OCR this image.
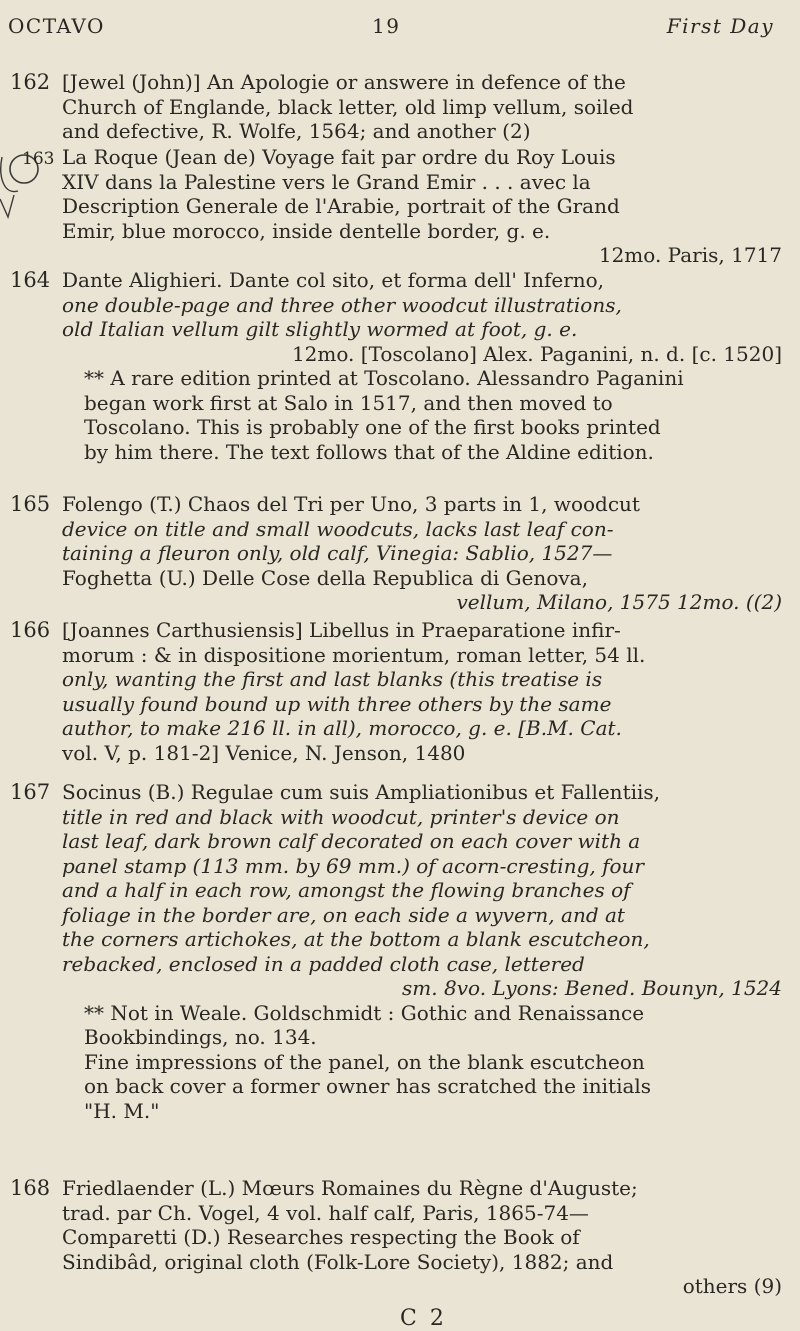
OCTAVO	19	First Day
162 [Jewel (John)] An Apologie or answere in defence of the
Church of Englande, black letter, old limp vellum, soiled
and defective, R. Wolfe, 1564; and another (2)

163 La Roque (Jean de) Voyage fait par ordre du Roy Louis
XIV dans la Palestine vers le Grand Emir . . . avec la
Description Generale de l'Arabie, portrait of the Grand
Emir, blue morocco, inside dentelle border, g. e.

12mo. Paris, 1717

164 Dante Alighieri. Dante col sito, et forma dell' Inferno,
one double-page and three other woodcut illustrations,
old Italian vellum gilt slightly wormed at foot, g. e.

12mo. [Toscolano] Alex. Paganini, n. d. [c. 1520]

** A rare edition printed at Toscolano. Alessandro Paganini
began work first at Salo in 1517, and then moved to
Toscolano. This is probably one of the first books printed
by him there. The text follows that of the Aldine edition.

165 Folengo (T.) Chaos del Tri per Uno, 3 parts in 1, woodcut
device on title and small woodcuts, lacks last leaf con-
taining a fleuron only, old calf, Vinegia: Sablio, 1527—
Foghetta (U.) Delle Cose della Republica di Genova,

vellum, Milano, 1575 12mo. ((2)

166 [Joannes Carthusiensis] Libellus in Praeparatione infir-
morum : & in dispositione morientum, roman letter, 54 ll.
only, wanting the first and last blanks (this treatise is
usually found bound up with three others by the same
author, to make 216 ll. in all), morocco, g. e. [B.M. Cat.
vol. V, p. 181-2] Venice, N. Jenson, 1480

167 Socinus (B.) Regulae cum suis Ampliationibus et Fallentiis,
title in red and black with woodcut, printer's device on
last leaf, dark brown calf decorated on each cover with a
panel stamp (113 mm. by 69 mm.) of acorn-cresting, four
and a half in each row, amongst the flowing branches of
foliage in the border are, on each side a wyvern, and at
the corners artichokes, at the bottom a blank escutcheon,
rebacked, enclosed in a padded cloth case, lettered

sm. 8vo. Lyons: Bened. Bounyn, 1524

** Not in Weale. Goldschmidt : Gothic and Renaissance
Bookbindings, no. 134.
Fine impressions of the panel, on the blank escutcheon
on back cover a former owner has scratched the initials
"H. M."

168 Friedlaender (L.) Mœurs Romaines du Règne d'Auguste;
trad. par Ch. Vogel, 4 vol. half calf, Paris, 1865-74—
Comparetti (D.) Researches respecting the Book of
Sindibâd, original cloth (Folk-Lore Society), 1882; and

others (9)

C 2
